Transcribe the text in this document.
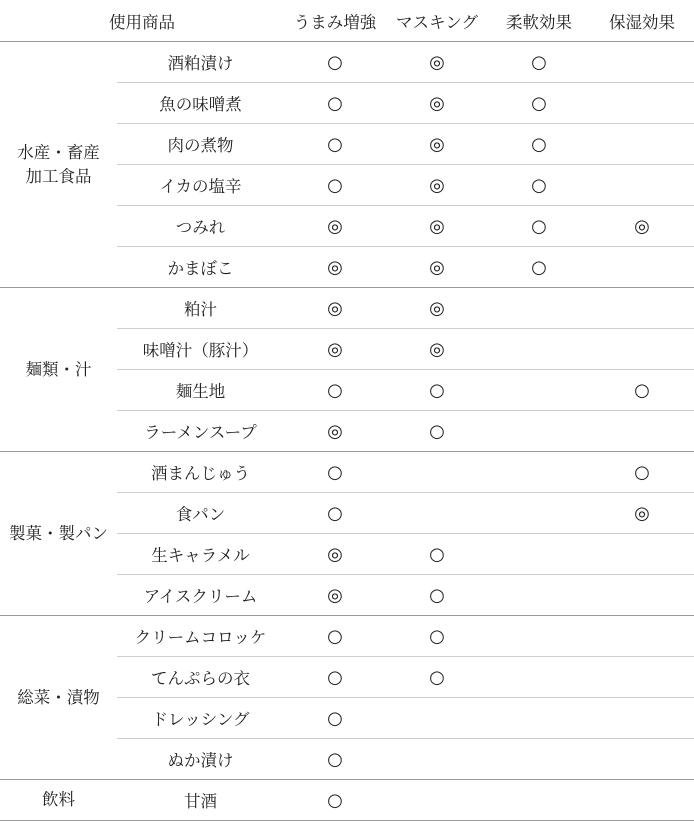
使用商品		うまみ増強	マスキング	柔軟効果	保湿効果

水産・畜産
加工食品	酒粕漬け	○	◎	○	
	魚の味噌煮	○	◎	○	
	肉の煮物	○	◎	○	
	イカの塩辛	○	◎	○	
	つみれ	◎	◎	○	◎
	かまぼこ	◎	◎	○	

麺類・汁	粕汁	◎	◎		
	味噌汁（豚汁）	◎	◎		
	麺生地	○	○		○
	ラーメンスープ	◎	○		

製菓・製パン	酒まんじゅう	○			○
	食パン	○			◎
	生キャラメル	◎	○		
	アイスクリーム	◎	○		

総菜・漬物	クリームコロッケ	○	○		
	てんぷらの衣	○	○		
	ドレッシング	○			
	ぬか漬け	○			

飲料	甘酒	○			
